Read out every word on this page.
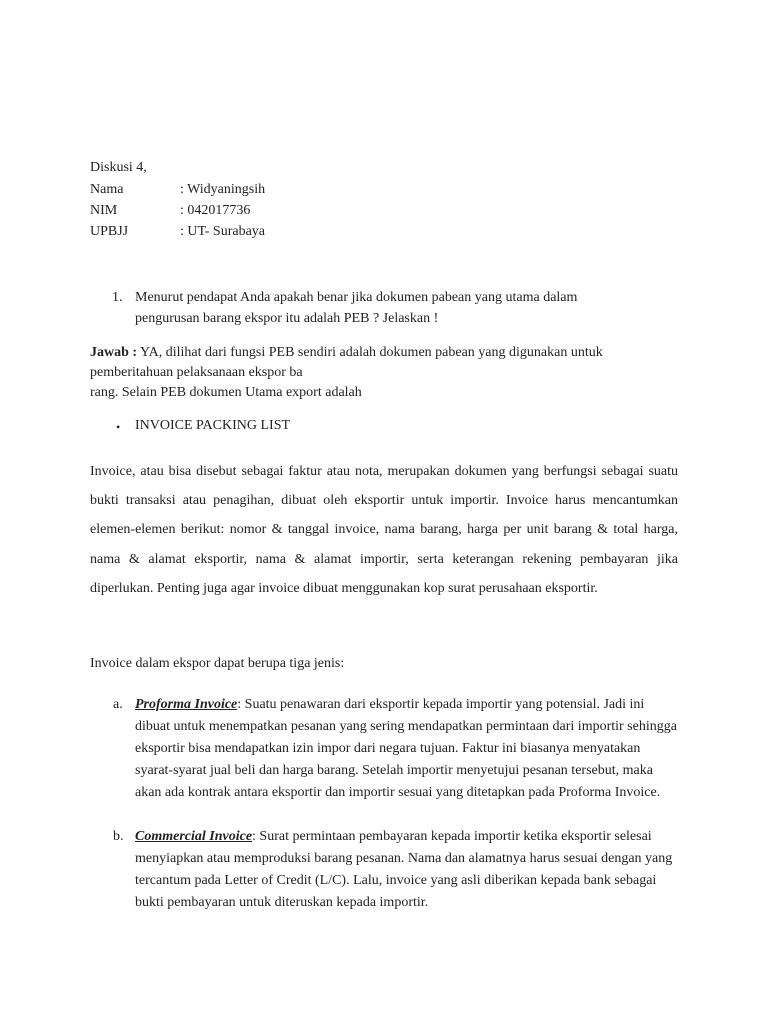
Diskusi 4,
Nama	: Widyaningsih
NIM	: 042017736
UPBJJ	: UT- Surabaya
1. Menurut pendapat Anda apakah benar jika dokumen pabean yang utama dalam
pengurusan barang ekspor itu adalah PEB ? Jelaskan !
Jawab : YA, dilihat dari fungsi PEB sendiri adalah dokumen pabean yang digunakan untuk
pemberitahuan pelaksanaan ekspor ba
rang. Selain PEB dokumen Utama export adalah
• INVOICE PACKING LIST
Invoice, atau bisa disebut sebagai faktur atau nota, merupakan dokumen yang berfungsi sebagai suatu bukti transaksi atau penagihan, dibuat oleh eksportir untuk importir. Invoice harus mencantumkan elemen-elemen berikut: nomor & tanggal invoice, nama barang, harga per unit barang & total harga, nama & alamat eksportir, nama & alamat importir, serta keterangan rekening pembayaran jika diperlukan. Penting juga agar invoice dibuat menggunakan kop surat perusahaan eksportir.
Invoice dalam ekspor dapat berupa tiga jenis:
a. Proforma Invoice: Suatu penawaran dari eksportir kepada importir yang potensial. Jadi ini dibuat untuk menempatkan pesanan yang sering mendapatkan permintaan dari importir sehingga eksportir bisa mendapatkan izin impor dari negara tujuan. Faktur ini biasanya menyatakan syarat-syarat jual beli dan harga barang. Setelah importir menyetujui pesanan tersebut, maka akan ada kontrak antara eksportir dan importir sesuai yang ditetapkan pada Proforma Invoice.
b. Commercial Invoice: Surat permintaan pembayaran kepada importir ketika eksportir selesai menyiapkan atau memproduksi barang pesanan. Nama dan alamatnya harus sesuai dengan yang tercantum pada Letter of Credit (L/C). Lalu, invoice yang asli diberikan kepada bank sebagai bukti pembayaran untuk diteruskan kepada importir.
